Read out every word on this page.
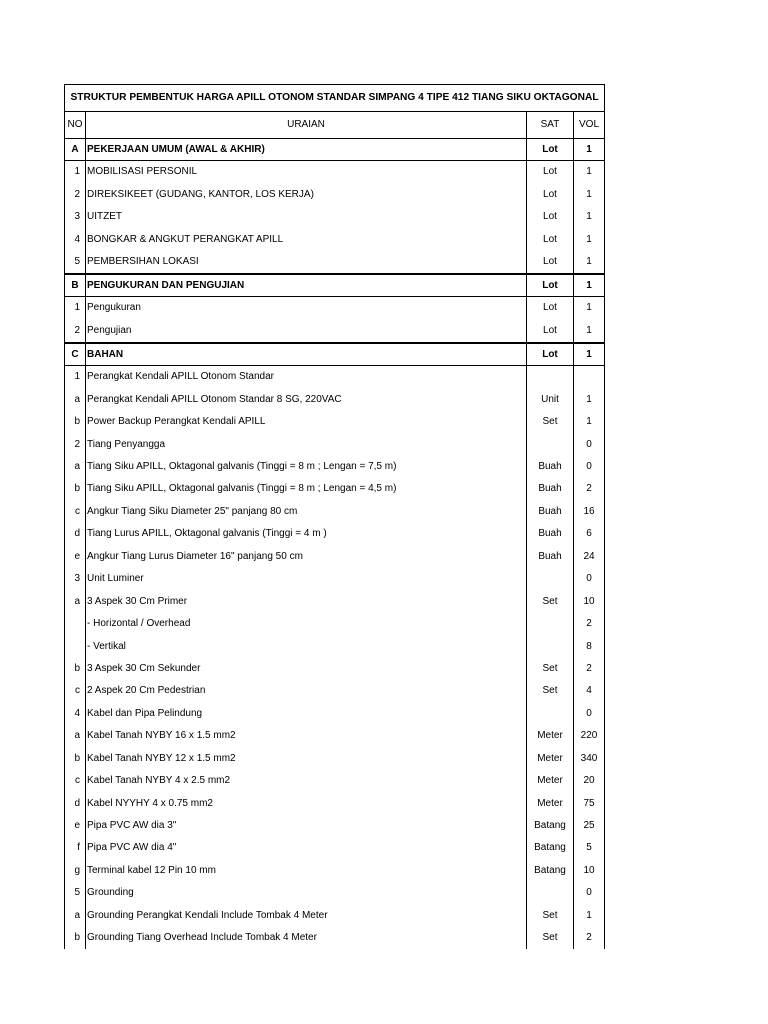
STRUKTUR PEMBENTUK HARGA APILL OTONOM STANDAR SIMPANG 4 TIPE 412 TIANG SIKU OKTAGONAL			
NO	URAIAN	SAT	VOL
A	PEKERJAAN UMUM (AWAL & AKHIR)	Lot	1
1	MOBILISASI PERSONIL	Lot	1
2	DIREKSIKEET (GUDANG, KANTOR, LOS KERJA)	Lot	1
3	UITZET	Lot	1
4	BONGKAR & ANGKUT PERANGKAT APILL	Lot	1
5	PEMBERSIHAN LOKASI	Lot	1
B	PENGUKURAN DAN PENGUJIAN	Lot	1
1	Pengukuran	Lot	1
2	Pengujian	Lot	1
C	BAHAN	Lot	1
1	Perangkat Kendali APILL Otonom Standar		
a	Perangkat Kendali APILL Otonom Standar 8 SG, 220VAC	Unit	1
b	Power Backup Perangkat Kendali APILL	Set	1
2	Tiang Penyangga		0
a	Tiang Siku APILL, Oktagonal galvanis (Tinggi = 8 m ; Lengan = 7,5 m)	Buah	0
b	Tiang Siku APILL, Oktagonal galvanis (Tinggi = 8 m ; Lengan = 4,5 m)	Buah	2
c	Angkur Tiang Siku Diameter 25" panjang 80 cm	Buah	16
d	Tiang Lurus APILL, Oktagonal galvanis (Tinggi = 4 m )	Buah	6
e	Angkur Tiang Lurus Diameter 16" panjang 50 cm	Buah	24
3	Unit Luminer		0
a	3 Aspek 30 Cm Primer	Set	10
	- Horizontal / Overhead		2
	- Vertikal		8
b	3 Aspek 30 Cm Sekunder	Set	2
c	2 Aspek 20 Cm Pedestrian	Set	4
4	Kabel dan Pipa Pelindung		0
a	Kabel Tanah NYBY 16 x 1.5 mm2	Meter	220
b	Kabel Tanah NYBY 12 x 1.5 mm2	Meter	340
c	Kabel Tanah NYBY 4 x 2.5 mm2	Meter	20
d	Kabel NYYHY 4 x 0.75 mm2	Meter	75
e	Pipa PVC AW dia 3"	Batang	25
f	Pipa PVC AW dia 4"	Batang	5
g	Terminal kabel 12 Pin 10 mm	Batang	10
5	Grounding		0
a	Grounding Perangkat Kendali Include Tombak 4 Meter	Set	1
b	Grounding Tiang Overhead Include Tombak 4 Meter	Set	2
